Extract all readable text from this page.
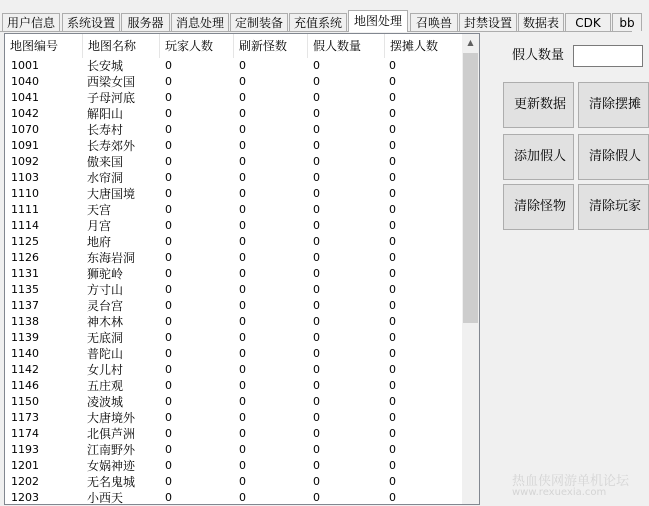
用户信息 系统设置	服务器	消息处理 定制装备 充值系统 地图处理	召唤兽 封禁设置 数据表	CDK	bb
地图编号	地图名称	玩家人数	刷新怪数	假人数量	摆摊人数
1001	长安城	0	0	0	0
1040	西梁女国	0	0	0	0
1041	子母河底	0	0	0	0
1042	解阳山	0	0	0	0
1070	长寿村	0	0	0	0
1091	长寿郊外	0	0	0	0
1092	傲来国	0	0	0	0
1103	水帘洞	0	0	0	0
1110	大唐国境	0	0	0	0
1111	天宫	0	0	0	0
1114	月宫	0	0	0	0
1125	地府	0	0	0	0
1126	东海岩洞	0	0	0	0
1131	狮驼岭	0	0	0	0
1135	方寸山	0	0	0	0
1137	灵台宫	0	0	0	0
1138	神木林	0	0	0	0
1139	无底洞	0	0	0	0
1140	普陀山	0	0	0	0
1142	女儿村	0	0	0	0
1146	五庄观	0	0	0	0
1150	凌波城	0	0	0	0
1173	大唐境外	0	0	0	0
1174	北俱芦洲	0	0	0	0
1193	江南野外	0	0	0	0
1201	女娲神迹	0	0	0	0
1202	无名鬼城	0	0	0	0
1203	小西天	0	0	0	0
▲
假人数量
更新数据	清除摆摊
添加假人	清除假人
清除怪物	清除玩家
热血侠网游单机论坛
www.rexuexia.com
